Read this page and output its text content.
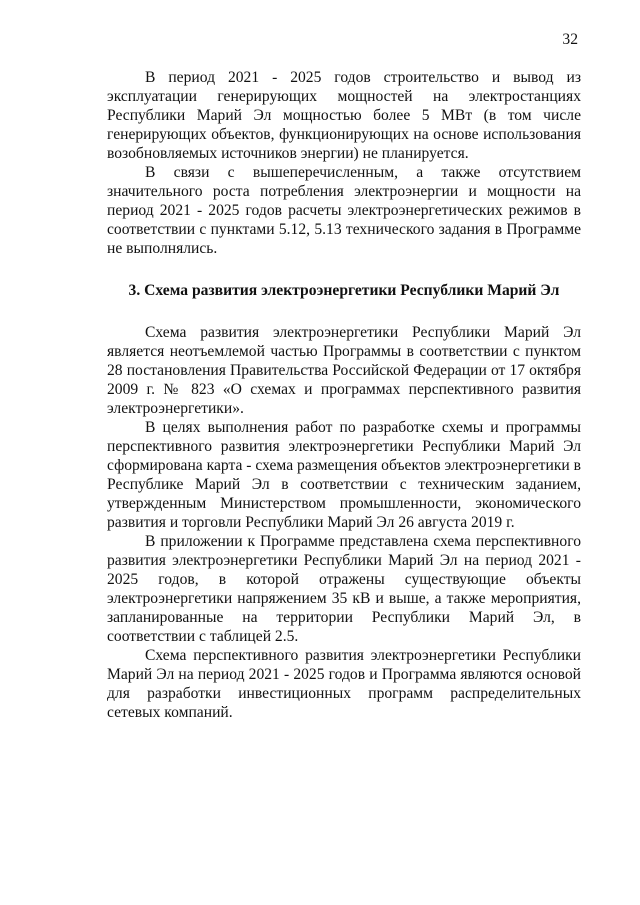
32

В период 2021 - 2025 годов строительство и вывод из эксплуатации генерирующих мощностей на электростанциях Республики Марий Эл мощностью более 5 МВт (в том числе генерирующих объектов, функционирующих на основе использования возобновляемых источников энергии) не планируется.

В связи с вышеперечисленным, а также отсутствием значительного роста потребления электроэнергии и мощности на период 2021 - 2025 годов расчеты электроэнергетических режимов в соответствии с пунктами 5.12, 5.13 технического задания в Программе не выполнялись.

3. Схема развития электроэнергетики Республики Марий Эл

Схема развития электроэнергетики Республики Марий Эл является неотъемлемой частью Программы в соответствии с пунктом 28 постановления Правительства Российской Федерации от 17 октября 2009 г. № 823 «О схемах и программах перспективного развития электроэнергетики».

В целях выполнения работ по разработке схемы и программы перспективного развития электроэнергетики Республики Марий Эл сформирована карта - схема размещения объектов электроэнергетики в Республике Марий Эл в соответствии с техническим заданием, утвержденным Министерством промышленности, экономического развития и торговли Республики Марий Эл 26 августа 2019 г.

В приложении к Программе представлена схема перспективного развития электроэнергетики Республики Марий Эл на период 2021 - 2025 годов, в которой отражены существующие объекты электроэнергетики напряжением 35 кВ и выше, а также мероприятия, запланированные на территории Республики Марий Эл, в соответствии с таблицей 2.5.

Схема перспективного развития электроэнергетики Республики Марий Эл на период 2021 - 2025 годов и Программа являются основой для разработки инвестиционных программ распределительных сетевых компаний.
